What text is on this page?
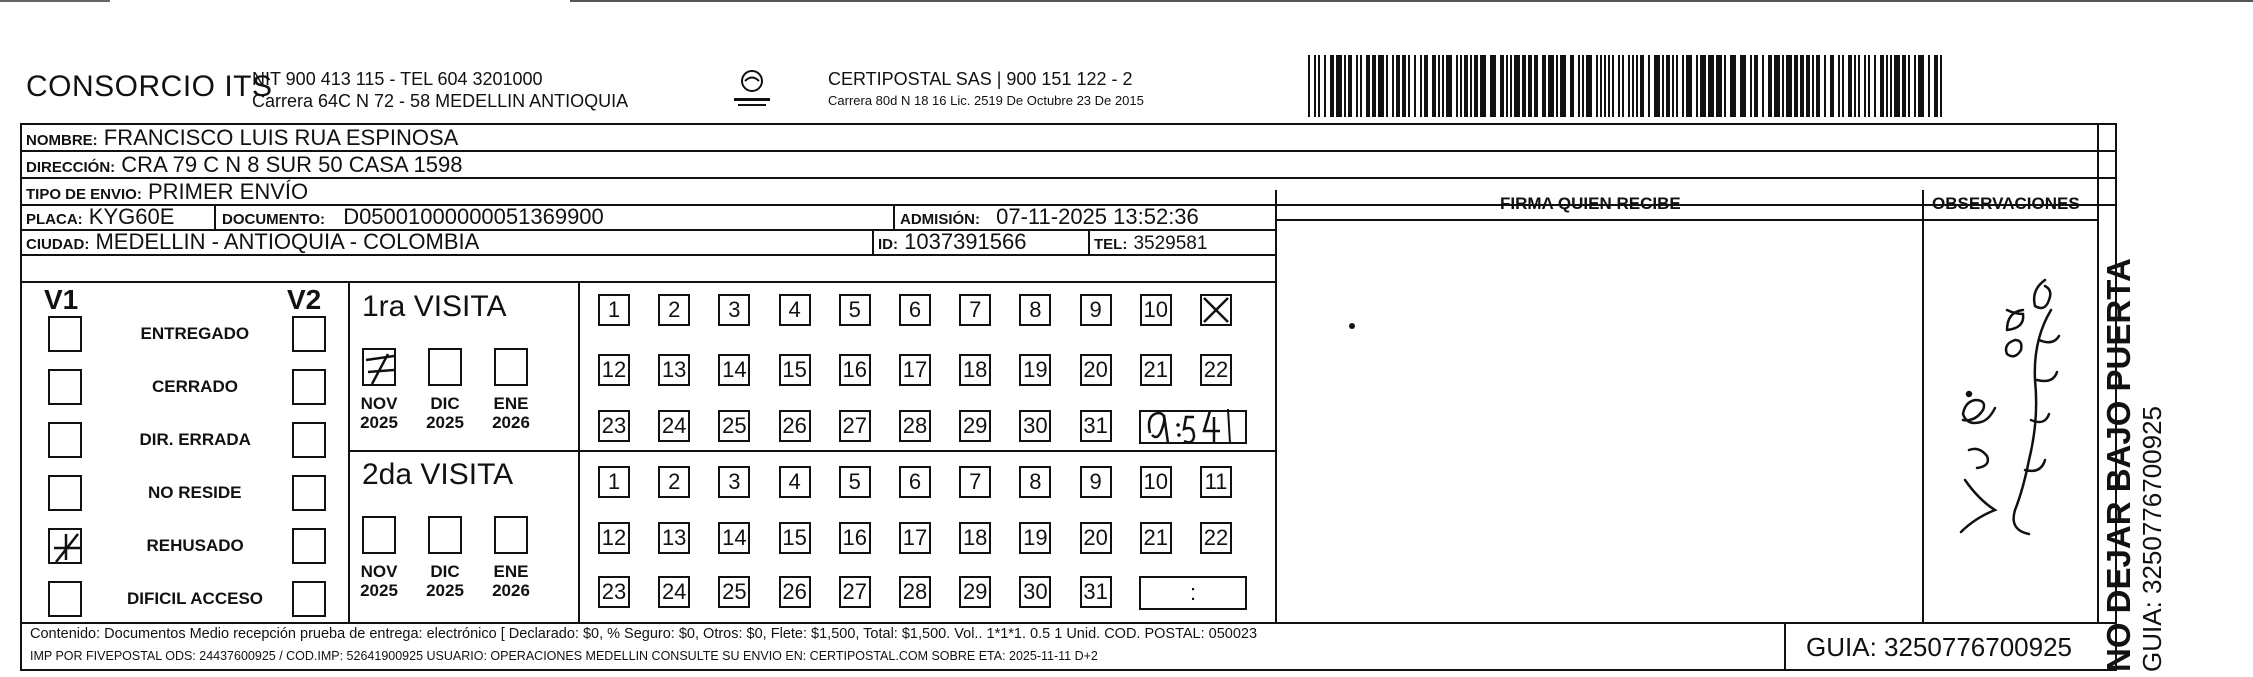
CONSORCIO ITS
NIT 900 413 115 - TEL 604 3201000
Carrera 64C N 72 - 58 MEDELLIN ANTIOQUIA
CERTIPOSTAL SAS | 900 151 122 - 2
Carrera 80d N 18 16 Lic. 2519 De Octubre 23 De 2015
NOMBRE: FRANCISCO LUIS RUA ESPINOSA
DIRECCIÓN: CRA 79 C N 8 SUR 50 CASA 1598
TIPO DE ENVIO: PRIMER ENVÍO
PLACA: KYG60E	DOCUMENTO: D05001000000051369900	ADMISIÓN: 07-11-2025 13:52:36
CIUDAD: MEDELLIN - ANTIOQUIA - COLOMBIA	ID: 1037391566	TEL: 3529581
FIRMA QUIEN RECIBE	OBSERVACIONES
V1	V2
ENTREGADO
CERRADO
DIR. ERRADA
NO RESIDE
REHUSADO
DIFICIL ACCESO
1ra VISITA
2da VISITA
NOV
2025
DIC
2025
ENE
2026
NOV
2025
DIC
2025
ENE
2026
1	2	3	4	5	6	7	8	9	10
12 13 14 15 16 17 18 19 20 21 22
23 24 25 26 27 28 29 30 31
1	2	3	4	5	6	7	8	9	10 11
12 13 14 15 16 17 18 19 20 21 22
23 24 25 26 27 28 29 30 31	:
Contenido: Documentos Medio recepción prueba de entrega: electrónico [ Declarado: $0, % Seguro: $0, Otros: $0, Flete: $1,500, Total: $1,500. Vol.. 1*1*1. 0.5 1 Unid. COD. POSTAL: 050023
IMP POR FIVEPOSTAL ODS: 24437600925 / COD.IMP: 52641900925 USUARIO: OPERACIONES MEDELLIN CONSULTE SU ENVIO EN: CERTIPOSTAL.COM SOBRE ETA: 2025-11-11 D+2	GUIA: 3250776700925 NO DEJAR BAJO PUERTA GUIA: 3250776700925
